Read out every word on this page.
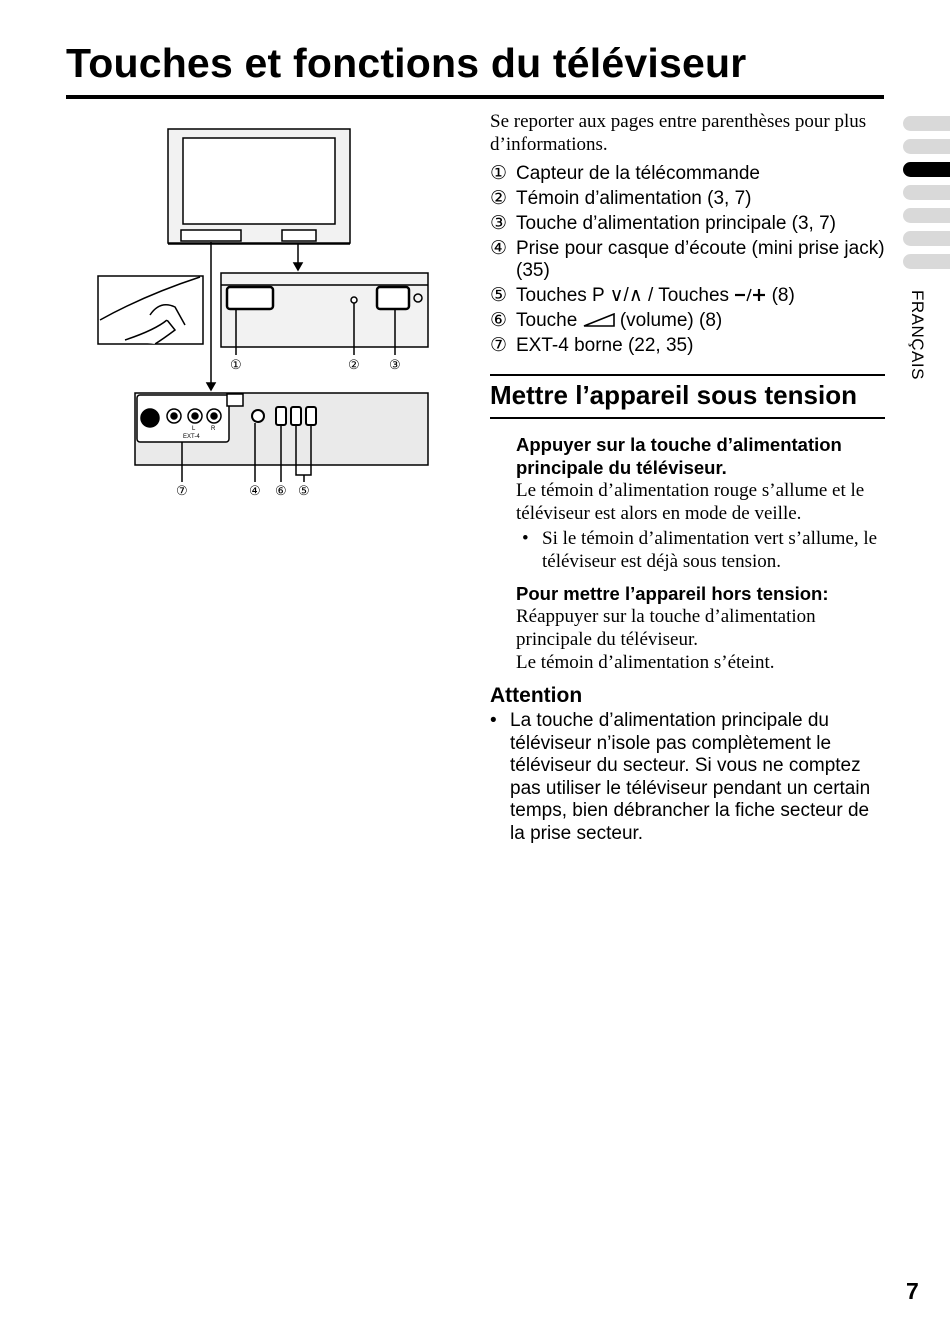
Touches et fonctions du téléviseur
FRANÇAIS
EXT-4
L	R
①	② ③
④ ⑥ ⑤
⑦

Se reporter aux pages entre parenthèses pour plus d’informations.

① Capteur de la télécommande
② Témoin d’alimentation (3, 7)
③ Touche d’alimentation principale (3, 7)
④ Prise pour casque d’écoute (mini prise jack) (35)
⑤ Touches P ∨/∧ / Touches (8)
⑥ Touche (volume) (8)
⑦ EXT-4 borne (22, 35)
Mettre l’appareil sous tension

Appuyer sur la touche d’alimentation principale du téléviseur.

Le témoin d’alimentation rouge s’allume et le téléviseur est alors en mode de veille.
• Si le témoin d’alimentation vert s’allume, le téléviseur est déjà sous tension.

Pour mettre l’appareil hors tension:

Réappuyer sur la touche d’alimentation principale du téléviseur.
Le témoin d’alimentation s’éteint.
Attention
• La touche d’alimentation principale du téléviseur n’isole pas complètement le téléviseur du secteur. Si vous ne comptez pas utiliser le téléviseur pendant un certain temps, bien débrancher la fiche secteur de la prise secteur.
7
